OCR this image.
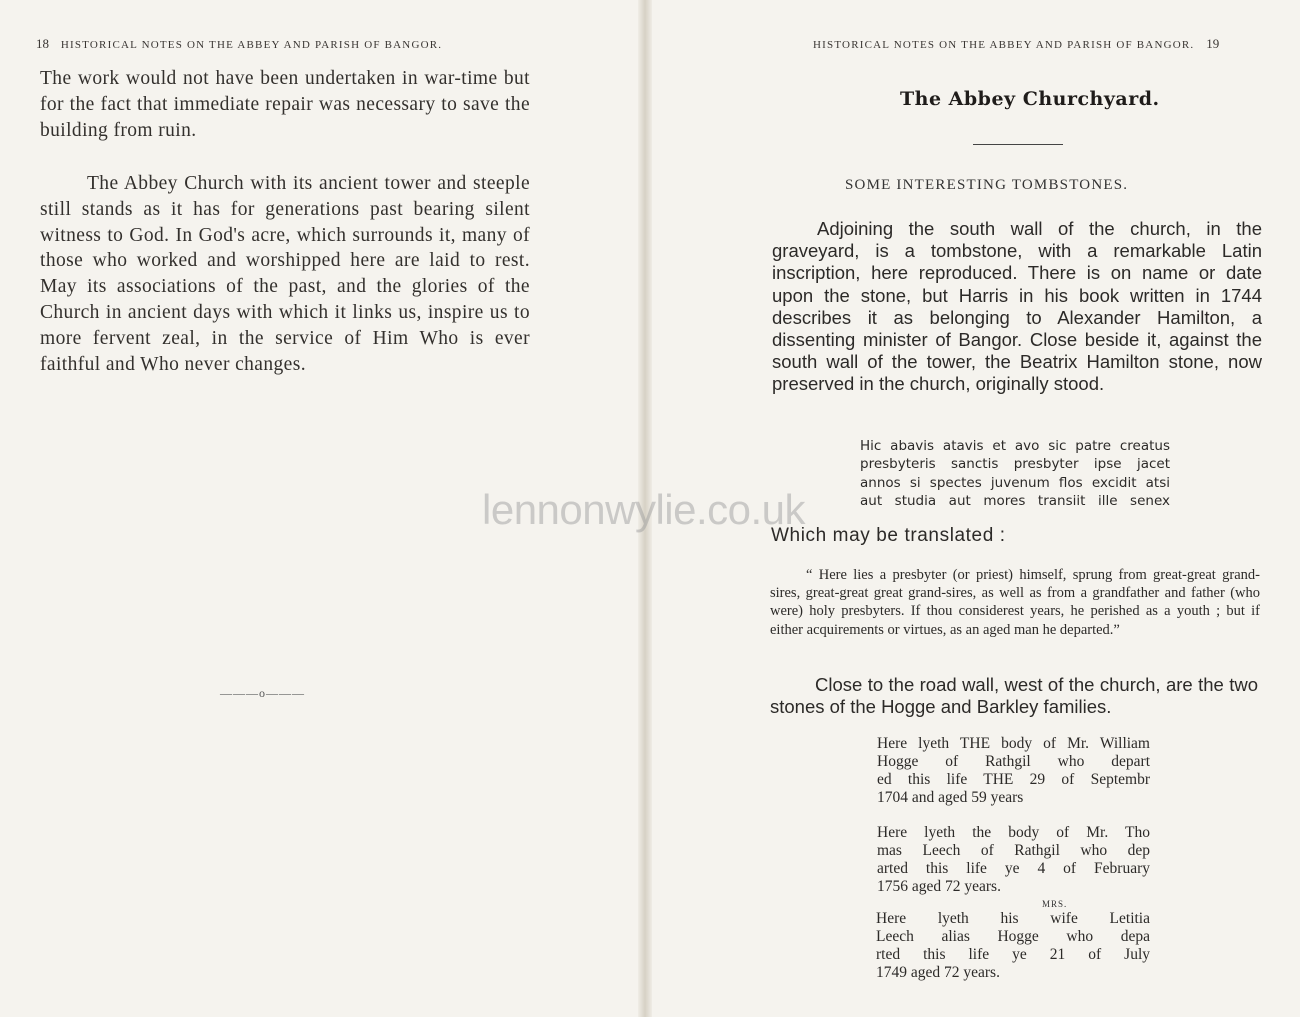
18 HISTORICAL NOTES ON THE ABBEY AND PARISH OF BANGOR.
The work would not have been undertaken in war-time but for the fact that immediate repair was necessary to save the building from ruin.
The Abbey Church with its ancient tower and steeple still stands as it has for generations past bearing silent witness to God. In God's acre, which surrounds it, many of those who worked and worshipped here are laid to rest. May its associations of the past, and the glories of the Church in ancient days with which it links us, inspire us to more fervent zeal, in the service of Him Who is ever faithful and Who never changes.
———o———
HISTORICAL NOTES ON THE ABBEY AND PARISH OF BANGOR. 19
The Abbey Churchyard.
SOME INTERESTING TOMBSTONES.
Adjoining the south wall of the church, in the graveyard, is a tombstone, with a remarkable Latin inscription, here reproduced. There is on name or date upon the stone, but Harris in his book written in 1744 describes it as belonging to Alexander Hamilton, a dissenting minister of Bangor. Close beside it, against the south wall of the tower, the Beatrix Hamilton stone, now preserved in the church, originally stood.
Hic abavis atavis et avo sic patre creatus
presbyteris sanctis presbyter ipse jacet
annos si spectes juvenum flos excidit atsi
aut studia aut mores transiit ille senex
Which may be translated :
“ Here lies a presbyter (or priest) himself, sprung from great-great grand-sires, great-great great grand-sires, as well as from a grandfather and father (who were) holy presbyters. If thou considerest years, he perished as a youth ; but if either acquirements or virtues, as an aged man he departed.”
Close to the road wall, west of the church, are the two stones of the Hogge and Barkley families.
Here lyeth THE body of Mr. William
Hogge of Rathgil who depart
ed this life THE 29 of Septembr
1704 and aged 59 years
Here lyeth the body of Mr. Tho
mas Leech of Rathgil who dep
arted this life ye 4 of February
1756 aged 72 years.
MRS.
Here lyeth his wife Letitia
Leech alias Hogge who depa
rted this life ye 21 of July
1749 aged 72 years.
lennonwylie.co.uk
